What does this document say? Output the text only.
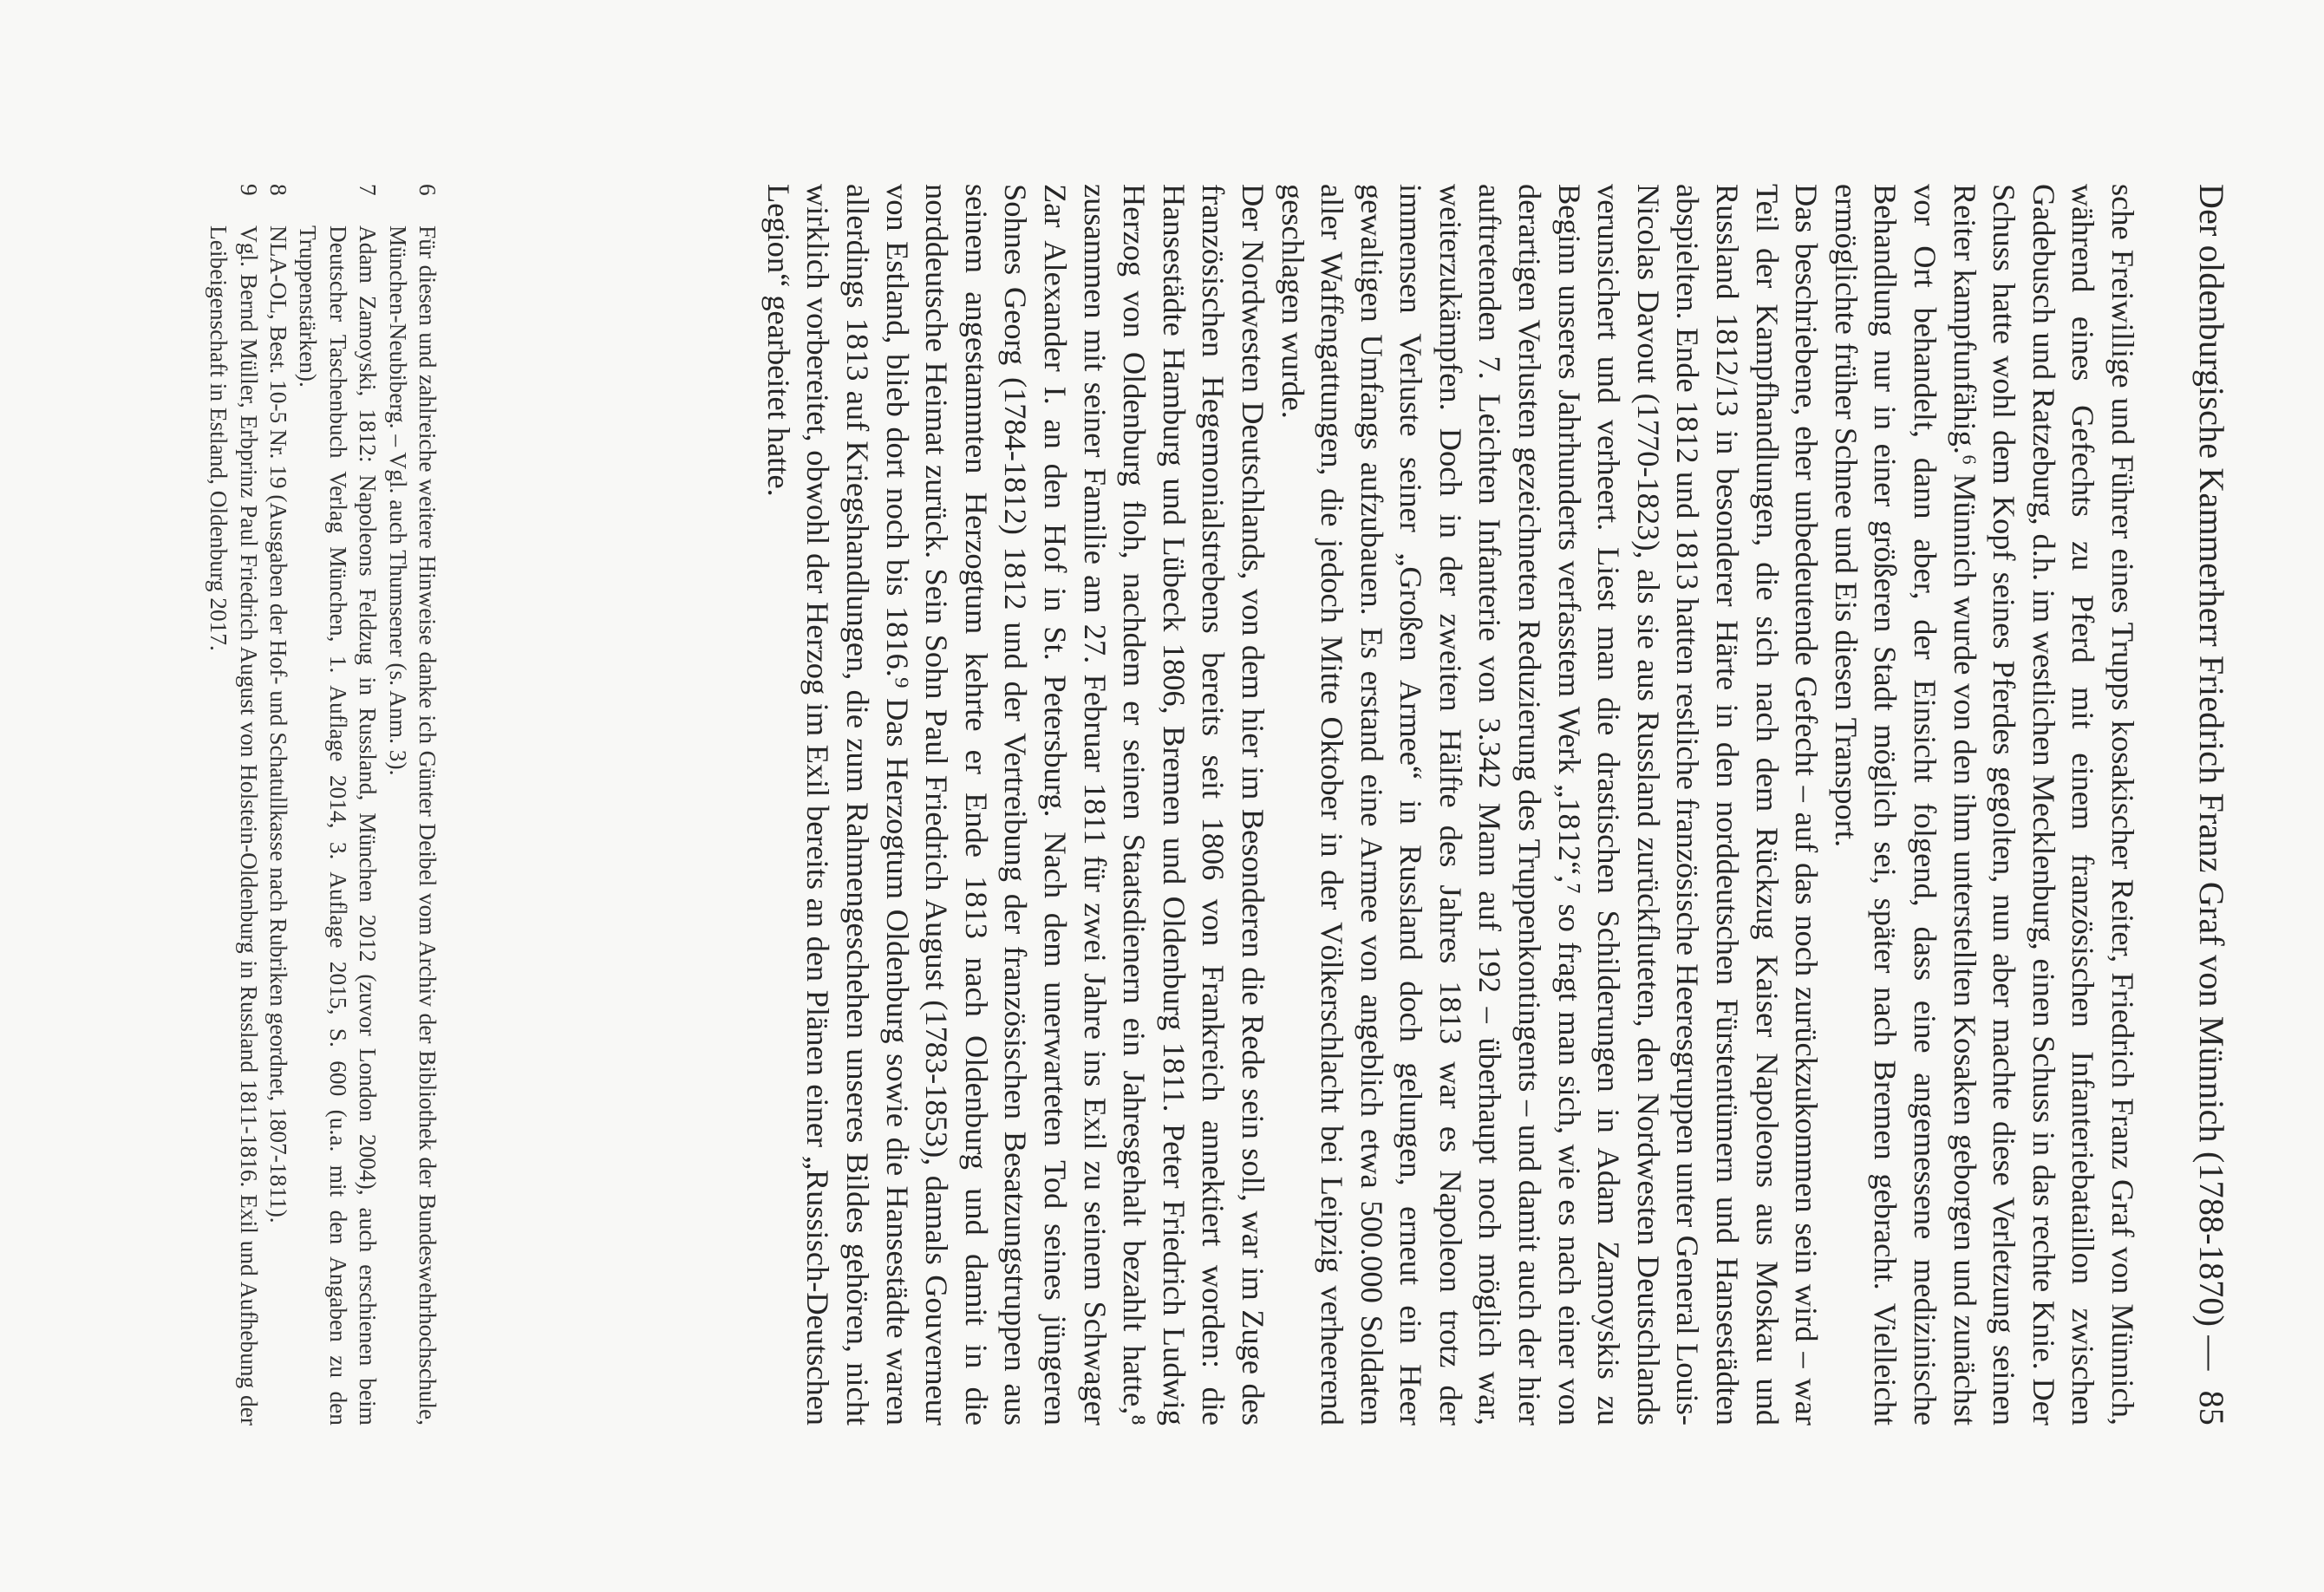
Der oldenburgische Kammerherr Friedrich Franz Graf von Münnich (1788-1870) —
85

sche Freiwillige und Führer eines Trupps kosakischer Reiter, Friedrich Franz Graf von Münnich, während eines Gefechts zu Pferd mit einem französischen Infanteriebataillon zwischen Gadebusch und Ratzeburg, d.h. im westlichen Mecklenburg, einen Schuss in das rechte Knie. Der Schuss hatte wohl dem Kopf seines Pferdes gegolten, nun aber machte diese Verletzung seinen Reiter kampfunfähig.⁶ Münnich wurde von den ihm unterstellten Kosaken geborgen und zunächst vor Ort behandelt, dann aber, der Einsicht folgend, dass eine angemessene medizinische Behandlung nur in einer größeren Stadt möglich sei, später nach Bremen gebracht. Vielleicht ermöglichte früher Schnee und Eis diesen Transport.

Das beschriebene, eher unbedeutende Gefecht – auf das noch zurückzukommen sein wird – war Teil der Kampfhandlungen, die sich nach dem Rückzug Kaiser Napoleons aus Moskau und Russland 1812/13 in besonderer Härte in den norddeutschen Fürstentümern und Hansestädten abspielten. Ende 1812 und 1813 hatten restliche französische Heeresgruppen unter General Louis-Nicolas Davout (1770-1823), als sie aus Russland zurückfluteten, den Nordwesten Deutschlands verunsichert und verheert. Liest man die drastischen Schilderungen in Adam Zamoyskis zu Beginn unseres Jahrhunderts verfasstem Werk „1812“,⁷ so fragt man sich, wie es nach einer von derartigen Verlusten gezeichneten Reduzierung des Truppenkontingents – und damit auch der hier auftretenden 7. Leichten Infanterie von 3.342 Mann auf 192 – überhaupt noch möglich war, weiterzukämpfen. Doch in der zweiten Hälfte des Jahres 1813 war es Napoleon trotz der immensen Verluste seiner „Großen Armee“ in Russland doch gelungen, erneut ein Heer gewaltigen Umfangs aufzubauen. Es erstand eine Armee von angeblich etwa 500.000 Soldaten aller Waffengattungen, die jedoch Mitte Oktober in der Völkerschlacht bei Leipzig verheerend geschlagen wurde.

Der Nordwesten Deutschlands, von dem hier im Besonderen die Rede sein soll, war im Zuge des französischen Hegemonialstrebens bereits seit 1806 von Frankreich annektiert worden: die Hansestädte Hamburg und Lübeck 1806, Bremen und Oldenburg 1811. Peter Friedrich Ludwig Herzog von Oldenburg floh, nachdem er seinen Staatsdienern ein Jahresgehalt bezahlt hatte,⁸ zusammen mit seiner Familie am 27. Februar 1811 für zwei Jahre ins Exil zu seinem Schwager Zar Alexander I. an den Hof in St. Petersburg. Nach dem unerwarteten Tod seines jüngeren Sohnes Georg (1784-1812) 1812 und der Vertreibung der französischen Besatzungstruppen aus seinem angestammten Herzogtum kehrte er Ende 1813 nach Oldenburg und damit in die norddeutsche Heimat zurück. Sein Sohn Paul Friedrich August (1783-1853), damals Gouverneur von Estland, blieb dort noch bis 1816.⁹ Das Herzogtum Oldenburg sowie die Hansestädte waren allerdings 1813 auf Kriegshandlungen, die zum Rahmengeschehen unseres Bildes gehören, nicht wirklich vorbereitet, obwohl der Herzog im Exil bereits an den Plänen einer „Russisch-Deutschen Legion“ gearbeitet hatte.

6
Für diesen und zahlreiche weitere Hinweise danke ich Günter Deibel vom Archiv der Bibliothek der Bundeswehrhochschule, München-Neubiberg. – Vgl. auch Thumsener (s. Anm. 3).
7
Adam Zamoyski, 1812: Napoleons Feldzug in Russland, München 2012 (zuvor London 2004), auch erschienen beim Deutscher Taschenbuch Verlag München, 1. Auflage 2014, 3. Auflage 2015, S. 600 (u.a. mit den Angaben zu den Truppenstärken).
8
NLA-OL, Best. 10-5 Nr. 19 (Ausgaben der Hof- und Schatullkasse nach Rubriken geordnet, 1807-1811).
9
Vgl. Bernd Müller, Erbprinz Paul Friedrich August von Holstein-Oldenburg in Russland 1811-1816. Exil und Aufhebung der Leibeigenschaft in Estland, Oldenburg 2017.
